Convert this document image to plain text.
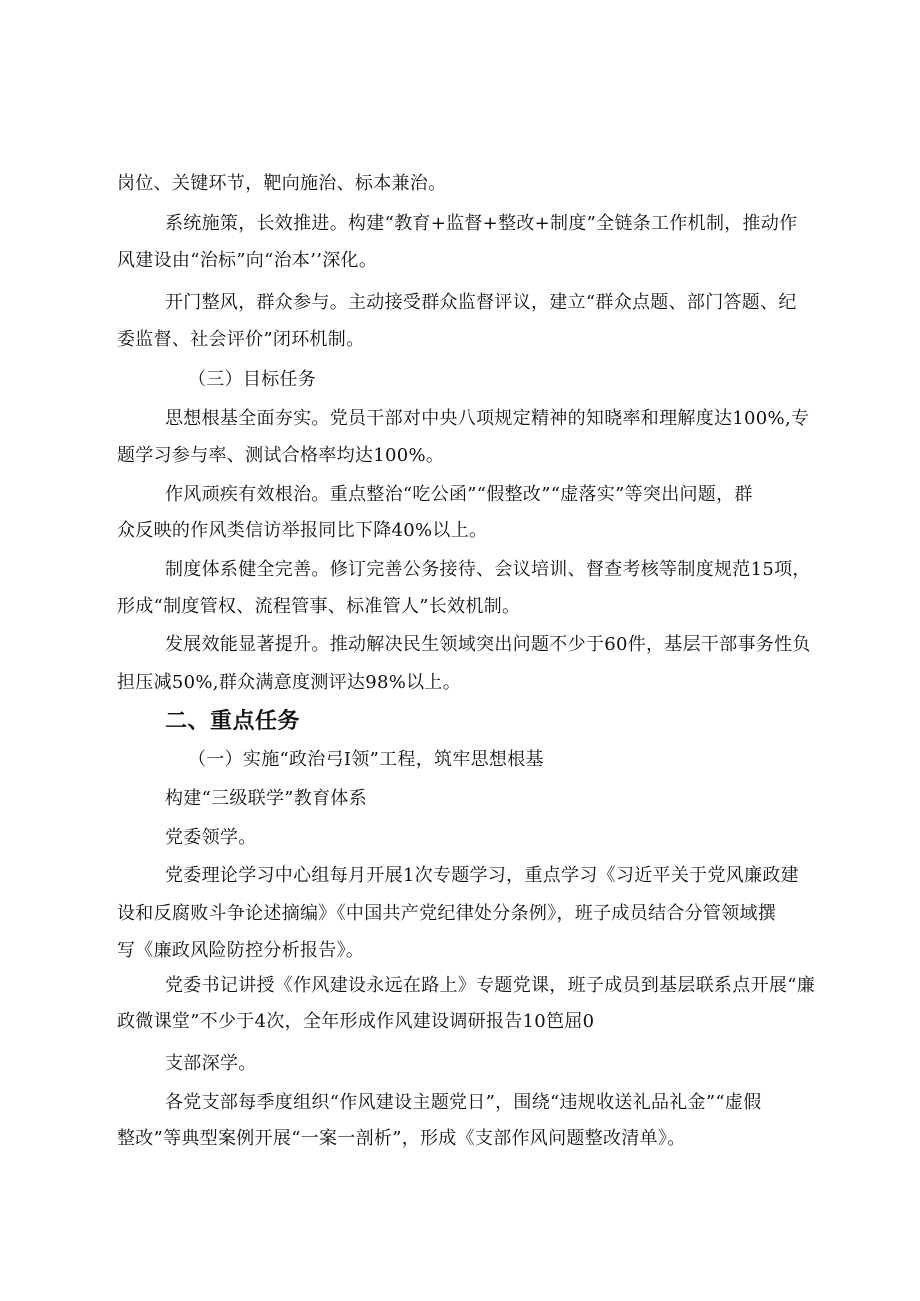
岗位、关键环节，靶向施治、标本兼治。
系统施策，长效推进。构建“教育+监督+整改+制度”全链条工作机制，推动作
风建设由“治标”向“治本’’深化。
开门整风，群众参与。主动接受群众监督评议，建立“群众点题、部门答题、纪
委监督、社会评价”闭环机制。
（三）目标任务
思想根基全面夯实。党员干部对中央八项规定精神的知晓率和理解度达100%,专
题学习参与率、测试合格率均达100%。
作风顽疾有效根治。重点整治“吃公函”“假整改”“虚落实”等突出问题，群
众反映的作风类信访举报同比下降40%以上。
制度体系健全完善。修订完善公务接待、会议培训、督查考核等制度规范15项，
形成“制度管权、流程管事、标准管人”长效机制。
发展效能显著提升。推动解决民生领域突出问题不少于60件，基层干部事务性负
担压减50%,群众满意度测评达98%以上。
二、重点任务
（一）实施“政治弓I领”工程，筑牢思想根基
构建“三级联学”教育体系
党委领学。
党委理论学习中心组每月开展1次专题学习，重点学习《习近平关于党风廉政建
设和反腐败斗争论述摘编》《中国共产党纪律处分条例》，班子成员结合分管领域撰
写《廉政风险防控分析报告》。
党委书记讲授《作风建设永远在路上》专题党课，班子成员到基层联系点开展“廉
政微课堂”不少于4次，全年形成作风建设调研报告10笆屈0
支部深学。
各党支部每季度组织“作风建设主题党日”，围绕“违规收送礼品礼金”“虚假
整改”等典型案例开展“一案一剖析”，形成《支部作风问题整改清单》。
